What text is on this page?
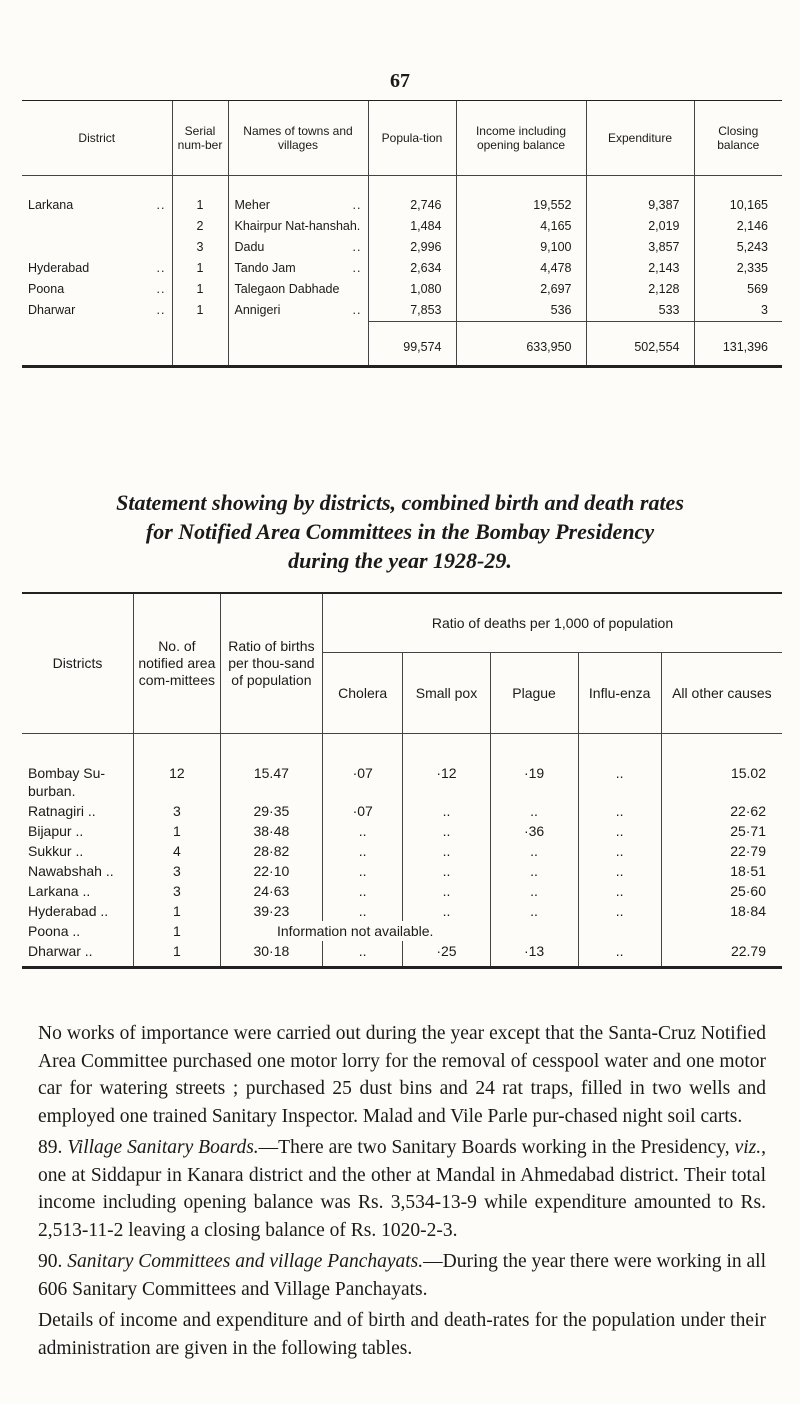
67
District	Serial num-ber	Names of towns and villages	Popula-tion	Income including opening balance	Expenditure	Closing balance
Larkana ..	1	Meher ..	2,746	19,552	9,387	10,165

	2	Khairpur Nat-hanshah.	1,484	4,165	2,019	2,146

	3	Dadu ..	2,996	9,100	3,857	5,243
Hyderabad ..	1	Tando Jam ..	2,634	4,478	2,143	2,335
Poona ..	1	Talegaon Dabhade	1,080	2,697	2,128	569
Dharwar ..	1	Annigeri ..	7,853	536	533	3
			99,574	633,950	502,554	131,396
Statement showing by districts, combined birth and death rates
for Notified Area Committees in the Bombay Presidency
during the year 1928-29.
Districts	No. of notified area com-mittees	Ratio of births per thou-sand of population	Ratio of deaths per 1,000 of population				
			Cholera	Small pox	Plague	Influ-enza	All other causes
Bombay Su-burban.	12	15.47	·07	·12	·19	..	15.02
Ratnagiri ..	3	29·35	·07	..	..	..	22·62
Bijapur ..	1	38·48	..	..	·36	..	25·71
Sukkur ..	4	28·82	..	..	..	..	22·79
Nawabshah ..	3	22·10	..	..	..	..	18·51
Larkana ..	3	24·63	..	..	..	..	25·60
Hyderabad ..	1	39·23	..	..	..	..	18·84
Poona ..	1	Information not available.					
Dharwar ..	1	30·18	..	·25	·13	..	22.79

No works of importance were carried out during the year except that the Santa-Cruz Notified Area Committee purchased one motor lorry for the removal of cesspool water and one motor car for watering streets ; purchased 25 dust bins and 24 rat traps, filled in two wells and employed one trained Sanitary Inspector. Malad and Vile Parle pur-chased night soil carts.

89. Village Sanitary Boards.—There are two Sanitary Boards working in the Presidency, viz., one at Siddapur in Kanara district and the other at Mandal in Ahmedabad district. Their total income including opening balance was Rs. 3,534-13-9 while expenditure amounted to Rs. 2,513-11-2 leaving a closing balance of Rs. 1020-2-3.

90. Sanitary Committees and village Panchayats.—During the year there were working in all 606 Sanitary Committees and Village Panchayats.

Details of income and expenditure and of birth and death-rates for the population under their administration are given in the following tables.
